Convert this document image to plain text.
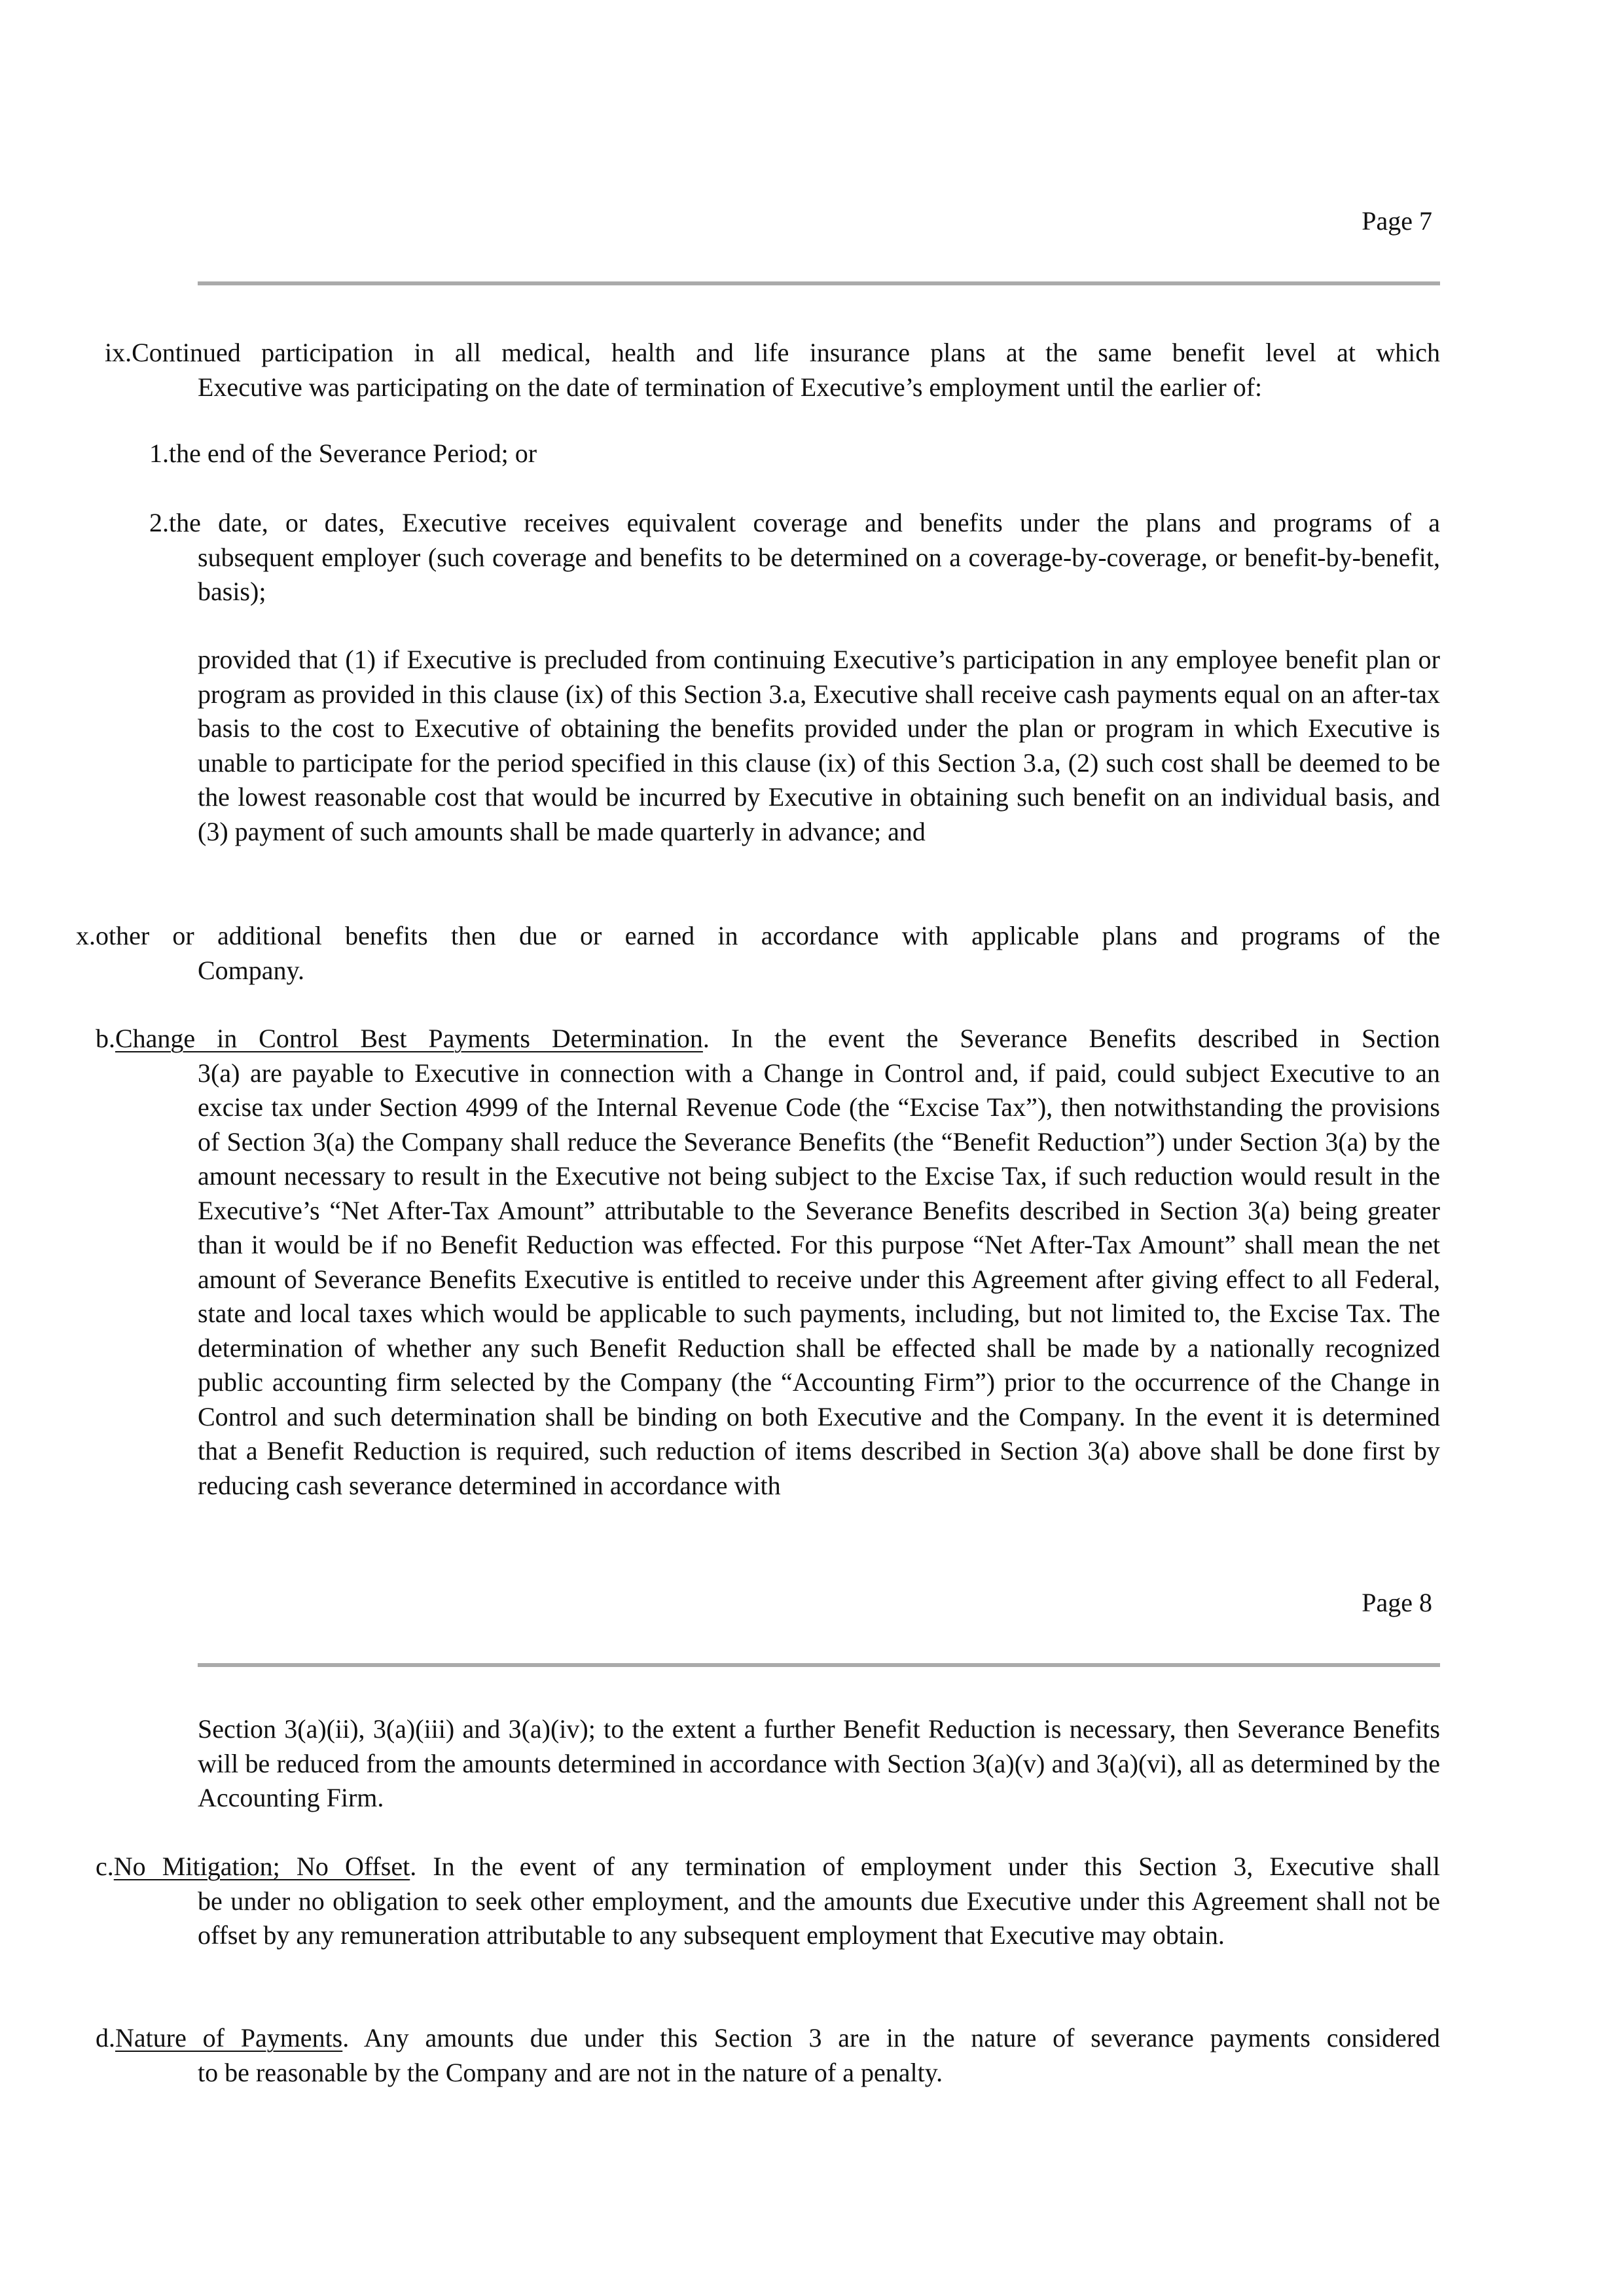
Page 7
ix.Continued participation in all medical, health and life insurance plans at the same benefit level at which
Executive was participating on the date of termination of Executive’s employment until the earlier of:
1.the end of the Severance Period; or
2.the date, or dates, Executive receives equivalent coverage and benefits under the plans and programs of a
subsequent employer (such coverage and benefits to be determined on a coverage-by-coverage, or benefit-by-benefit, basis);
provided that (1) if Executive is precluded from continuing Executive’s participation in any employee benefit plan or program as provided in this clause (ix) of this Section 3.a, Executive shall receive cash payments equal on an after-tax basis to the cost to Executive of obtaining the benefits provided under the plan or program in which Executive is unable to participate for the period specified in this clause (ix) of this Section 3.a, (2) such cost shall be deemed to be the lowest reasonable cost that would be incurred by Executive in obtaining such benefit on an individual basis, and (3) payment of such amounts shall be made quarterly in advance; and
x.other or additional benefits then due or earned in accordance with applicable plans and programs of the
Company.
b.Change in Control Best Payments Determination. In the event the Severance Benefits described in Section
3(a) are payable to Executive in connection with a Change in Control and, if paid, could subject Executive to an excise tax under Section 4999 of the Internal Revenue Code (the “Excise Tax”), then notwithstanding the provisions of Section 3(a) the Company shall reduce the Severance Benefits (the “Benefit Reduction”) under Section 3(a) by the amount necessary to result in the Executive not being subject to the Excise Tax, if such reduction would result in the Executive’s “Net After-Tax Amount” attributable to the Severance Benefits described in Section 3(a) being greater than it would be if no Benefit Reduction was effected. For this purpose “Net After-Tax Amount” shall mean the net amount of Severance Benefits Executive is entitled to receive under this Agreement after giving effect to all Federal, state and local taxes which would be applicable to such payments, including, but not limited to, the Excise Tax. The determination of whether any such Benefit Reduction shall be effected shall be made by a nationally recognized public accounting firm selected by the Company (the “Accounting Firm”) prior to the occurrence of the Change in Control and such determination shall be binding on both Executive and the Company. In the event it is determined that a Benefit Reduction is required, such reduction of items described in Section 3(a) above shall be done first by reducing cash severance determined in accordance with
Page 8
Section 3(a)(ii), 3(a)(iii) and 3(a)(iv); to the extent a further Benefit Reduction is necessary, then Severance Benefits will be reduced from the amounts determined in accordance with Section 3(a)(v) and 3(a)(vi), all as determined by the Accounting Firm.
c.No Mitigation; No Offset. In the event of any termination of employment under this Section 3, Executive shall
be under no obligation to seek other employment, and the amounts due Executive under this Agreement shall not be offset by any remuneration attributable to any subsequent employment that Executive may obtain.
d.Nature of Payments. Any amounts due under this Section 3 are in the nature of severance payments considered
to be reasonable by the Company and are not in the nature of a penalty.
